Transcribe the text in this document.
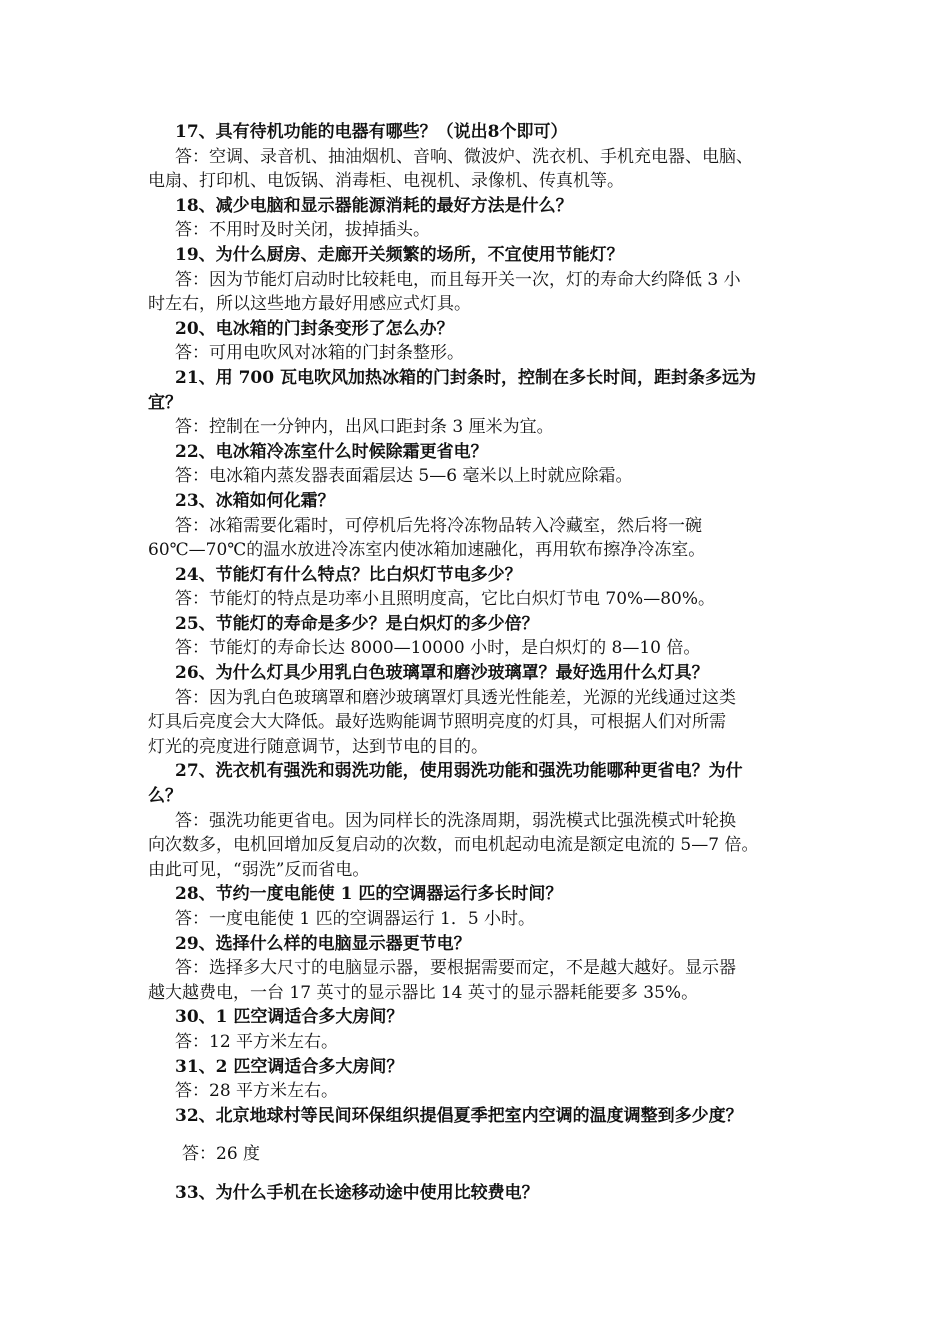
17、具有待机功能的电器有哪些？（说出8个即可）
答：空调、录音机、抽油烟机、音响、微波炉、洗衣机、手机充电器、电脑、
电扇、打印机、电饭锅、消毒柜、电视机、录像机、传真机等。
18、减少电脑和显示器能源消耗的最好方法是什么？
答：不用时及时关闭，拔掉插头。
19、为什么厨房、走廊开关频繁的场所，不宜使用节能灯？
答：因为节能灯启动时比较耗电，而且每开关一次，灯的寿命大约降低 3 小
时左右，所以这些地方最好用感应式灯具。
20、电冰箱的门封条变形了怎么办？
答：可用电吹风对冰箱的门封条整形。
21、用 700 瓦电吹风加热冰箱的门封条时，控制在多长时间，距封条多远为
宜？
答：控制在一分钟内，出风口距封条 3 厘米为宜。
22、电冰箱冷冻室什么时候除霜更省电？
答：电冰箱内蒸发器表面霜层达 5—6 毫米以上时就应除霜。
23、冰箱如何化霜？
答：冰箱需要化霜时，可停机后先将冷冻物品转入冷藏室，然后将一碗
60℃—70℃的温水放进冷冻室内使冰箱加速融化，再用软布擦净冷冻室。
24、节能灯有什么特点？比白炽灯节电多少？
答：节能灯的特点是功率小且照明度高，它比白炽灯节电 70%—80%。
25、节能灯的寿命是多少？是白炽灯的多少倍？
答：节能灯的寿命长达 8000—10000 小时，是白炽灯的 8—10 倍。
26、为什么灯具少用乳白色玻璃罩和磨沙玻璃罩？最好选用什么灯具？
答：因为乳白色玻璃罩和磨沙玻璃罩灯具透光性能差，光源的光线通过这类
灯具后亮度会大大降低。最好选购能调节照明亮度的灯具，可根据人们对所需
灯光的亮度进行随意调节，达到节电的目的。
27、洗衣机有强洗和弱洗功能，使用弱洗功能和强洗功能哪种更省电？为什
么？
答：强洗功能更省电。因为同样长的洗涤周期，弱洗模式比强洗模式叶轮换
向次数多，电机回增加反复启动的次数，而电机起动电流是额定电流的 5—7 倍。
由此可见，“弱洗”反而省电。
28、节约一度电能使 1 匹的空调器运行多长时间？
答：一度电能使 1 匹的空调器运行 1．5 小时。
29、选择什么样的电脑显示器更节电？
答：选择多大尺寸的电脑显示器，要根据需要而定，不是越大越好。显示器
越大越费电，一台 17 英寸的显示器比 14 英寸的显示器耗能要多 35%。
30、1 匹空调适合多大房间？
答：12 平方米左右。
31、2 匹空调适合多大房间？
答：28 平方米左右。
32、北京地球村等民间环保组织提倡夏季把室内空调的温度调整到多少度？
答：26 度
33、为什么手机在长途移动途中使用比较费电？
